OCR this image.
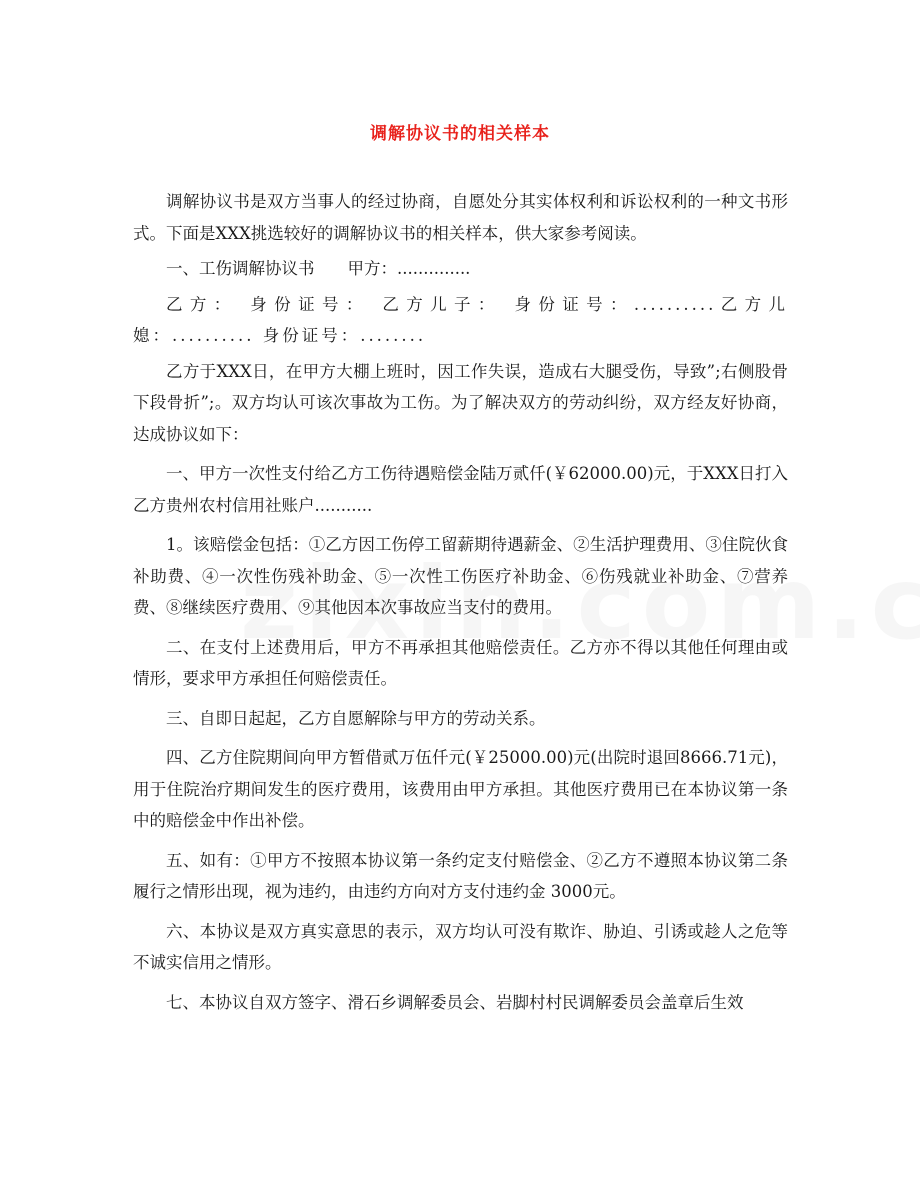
调解协议书的相关样本

调解协议书是双方当事人的经过协商，自愿处分其实体权利和诉讼权利的一种文书形式。下面是XXX挑选较好的调解协议书的相关样本，供大家参考阅读。

一、工伤调解协议书　　甲方：..............

乙方： 身份证号： 乙方儿子： 身份证号：..........乙方儿媳：.......... 身份证号：........

乙方于XXX日，在甲方大棚上班时，因工作失误，造成右大腿受伤，导致”;右侧股骨下段骨折”;。双方均认可该次事故为工伤。为了解决双方的劳动纠纷，双方经友好协商，达成协议如下：

一、甲方一次性支付给乙方工伤待遇赔偿金陆万贰仟(￥62000.00)元，于XXX日打入乙方贵州农村信用社账户...........

1。该赔偿金包括：①乙方因工伤停工留薪期待遇薪金、②生活护理费用、③住院伙食补助费、④一次性伤残补助金、⑤一次性工伤医疗补助金、⑥伤残就业补助金、⑦营养费、⑧继续医疗费用、⑨其他因本次事故应当支付的费用。

二、在支付上述费用后，甲方不再承担其他赔偿责任。乙方亦不得以其他任何理由或情形，要求甲方承担任何赔偿责任。

三、自即日起起，乙方自愿解除与甲方的劳动关系。

四、乙方住院期间向甲方暂借贰万伍仟元(￥25000.00)元(出院时退回8666.71元)，用于住院治疗期间发生的医疗费用，该费用由甲方承担。其他医疗费用已在本协议第一条中的赔偿金中作出补偿。

五、如有：①甲方不按照本协议第一条约定支付赔偿金、②乙方不遵照本协议第二条履行之情形出现，视为违约，由违约方向对方支付违约金 3000元。

六、本协议是双方真实意思的表示，双方均认可没有欺诈、胁迫、引诱或趁人之危等不诚实信用之情形。

七、本协议自双方签字、滑石乡调解委员会、岩脚村村民调解委员会盖章后生效
